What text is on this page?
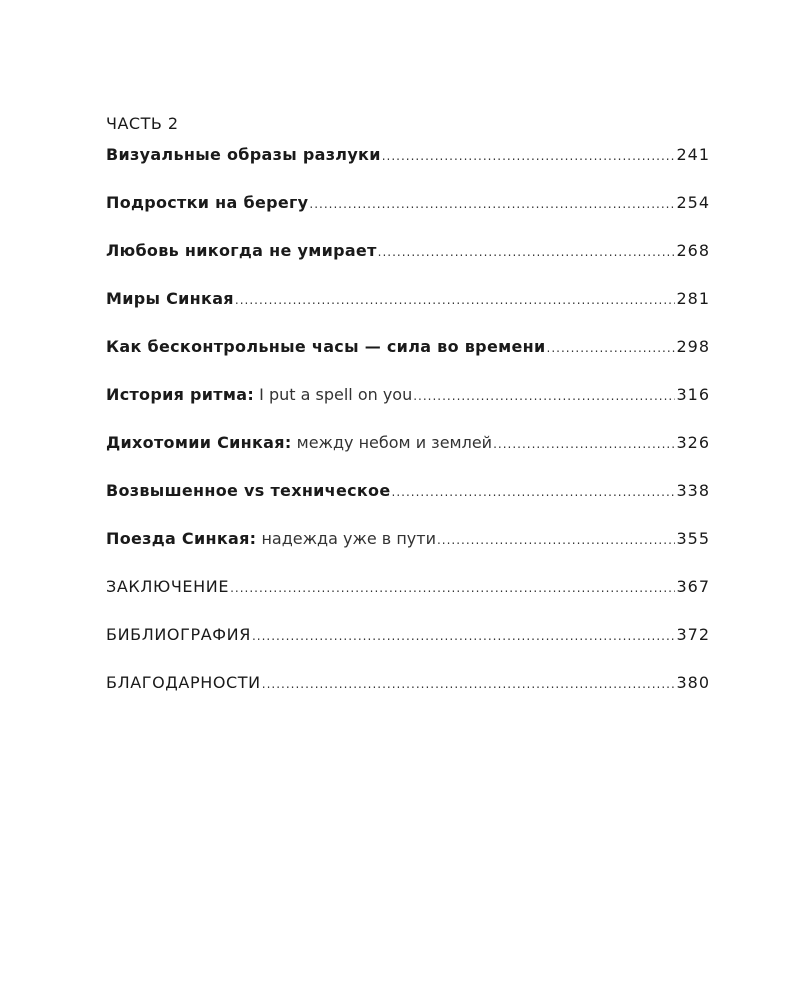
ЧАСТЬ 2
Визуальные образы разлуки .....	241
Подростки на берегу .....	254
Любовь никогда не умирает .....	268
Миры Синкая .....	281
Как бесконтрольные часы — сила во времени .....	298
История ритма: I put a spell on you .....	316
Дихотомии Синкая: между небом и землей .....	326
Возвышенное vs техническое .....	338
Поезда Синкая: надежда уже в пути .....	355
ЗАКЛЮЧЕНИЕ .....	367
БИБЛИОГРАФИЯ .....	372
БЛАГОДАРНОСТИ .....	380
